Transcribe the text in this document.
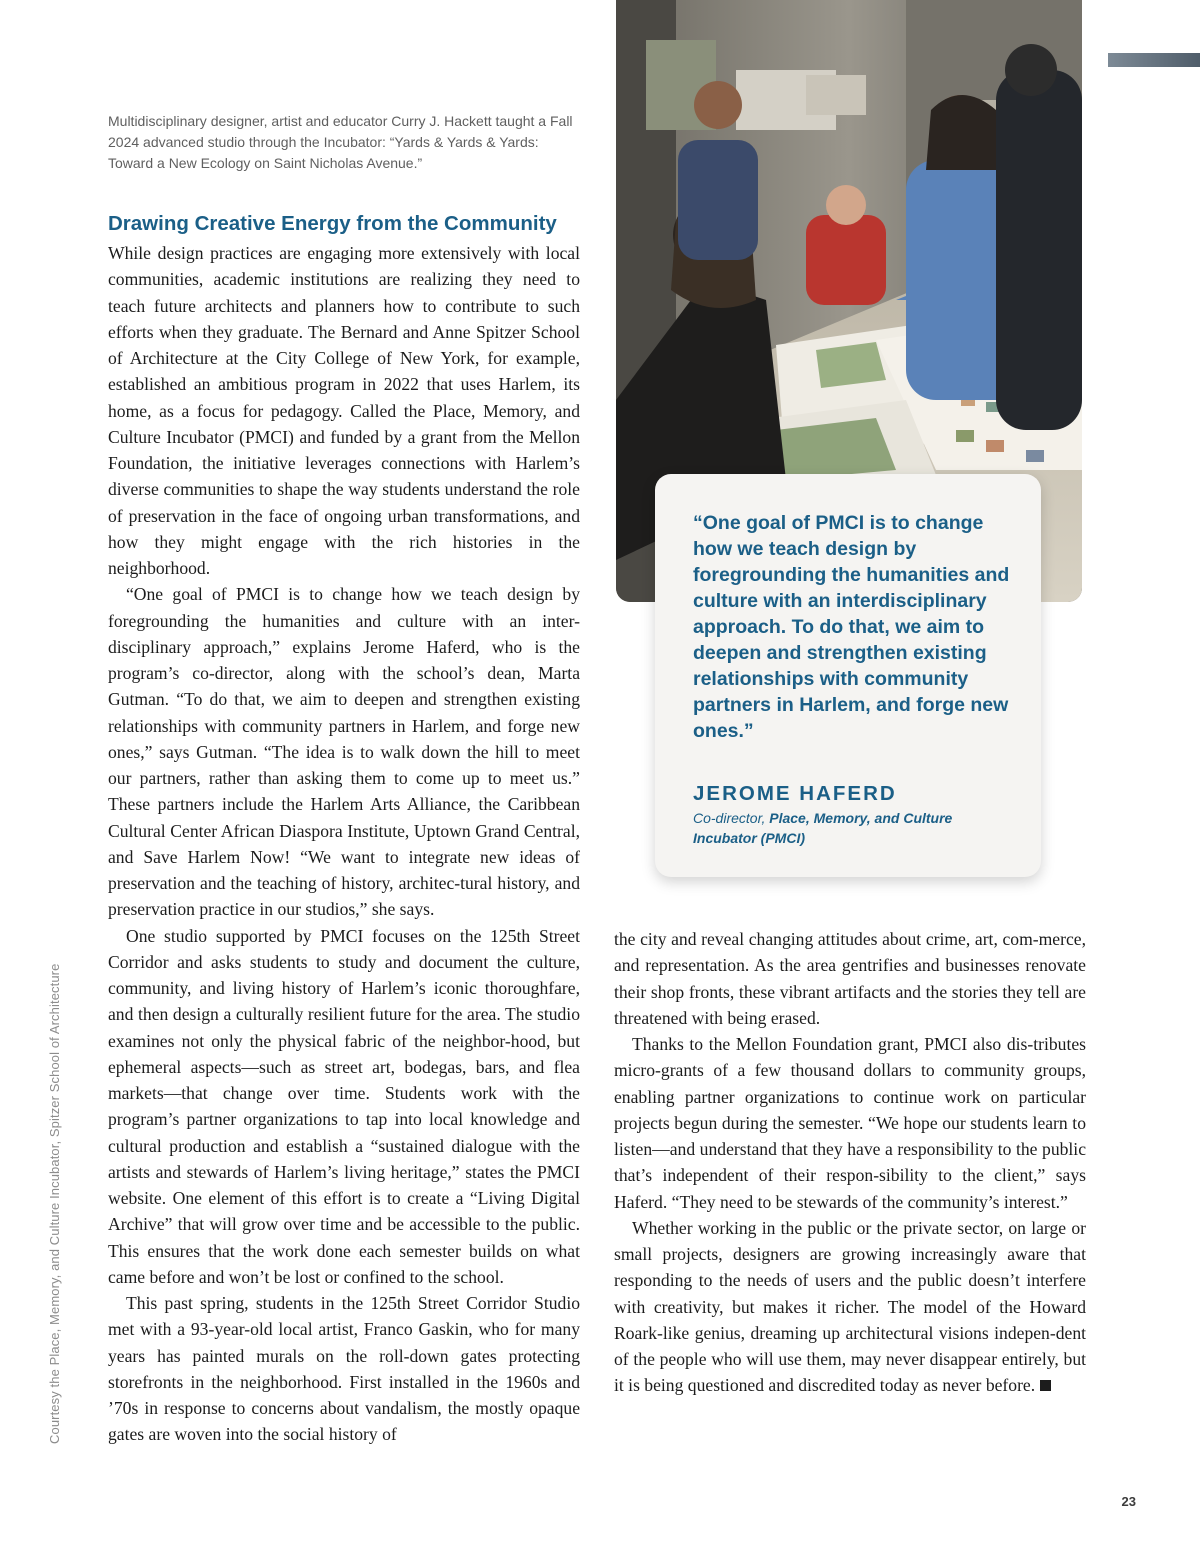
Multidisciplinary designer, artist and educator Curry J. Hackett taught a Fall 2024 advanced studio through the Incubator: “Yards & Yards & Yards: Toward a New Ecology on Saint Nicholas Avenue.”
Courtesy the Place, Memory, and Culture Incubator, Spitzer School of Architecture
“One goal of PMCI is to change how we teach design by foregrounding the humanities and culture with an interdisciplinary approach. To do that, we aim to deepen and strengthen existing relationships with community partners in Harlem, and forge new ones.”
JEROME HAFERD
Co-director, Place, Memory, and Culture Incubator (PMCI)
Drawing Creative Energy from the Community

While design practices are engaging more extensively with local communities, academic institutions are realizing they need to teach future architects and planners how to contribute to such efforts when they graduate. The Bernard and Anne Spitzer School of Architecture at the City College of New York, for example, established an ambitious program in 2022 that uses Harlem, its home, as a focus for pedagogy. Called the Place, Memory, and Culture Incubator (PMCI) and funded by a grant from the Mellon Foundation, the initiative leverages connections with Harlem’s diverse communities to shape the way students understand the role of preservation in the face of ongoing urban transformations, and how they might engage with the rich histories in the neighborhood.

“One goal of PMCI is to change how we teach design by foregrounding the humanities and culture with an inter-disciplinary approach,” explains Jerome Haferd, who is the program’s co-director, along with the school’s dean, Marta Gutman. “To do that, we aim to deepen and strengthen existing relationships with community partners in Harlem, and forge new ones,” says Gutman. “The idea is to walk down the hill to meet our partners, rather than asking them to come up to meet us.” These partners include the Harlem Arts Alliance, the Caribbean Cultural Center African Diaspora Institute, Uptown Grand Central, and Save Harlem Now! “We want to integrate new ideas of preservation and the teaching of history, architec-tural history, and preservation practice in our studios,” she says.

One studio supported by PMCI focuses on the 125th Street Corridor and asks students to study and document the culture, community, and living history of Harlem’s iconic thoroughfare, and then design a culturally resilient future for the area. The studio examines not only the physical fabric of the neighbor-hood, but ephemeral aspects—such as street art, bodegas, bars, and flea markets—that change over time. Students work with the program’s partner organizations to tap into local knowledge and cultural production and establish a “sustained dialogue with the artists and stewards of Harlem’s living heritage,” states the PMCI website. One element of this effort is to create a “Living Digital Archive” that will grow over time and be accessible to the public. This ensures that the work done each semester builds on what came before and won’t be lost or confined to the school.

This past spring, students in the 125th Street Corridor Studio met with a 93-year-old local artist, Franco Gaskin, who for many years has painted murals on the roll-down gates protecting storefronts in the neighborhood. First installed in the 1960s and ’70s in response to concerns about vandalism, the mostly opaque gates are woven into the social history of

the city and reveal changing attitudes about crime, art, com-merce, and representation. As the area gentrifies and businesses renovate their shop fronts, these vibrant artifacts and the stories they tell are threatened with being erased.

Thanks to the Mellon Foundation grant, PMCI also dis-tributes micro-grants of a few thousand dollars to community groups, enabling partner organizations to continue work on particular projects begun during the semester. “We hope our students learn to listen—and understand that they have a responsibility to the public that’s independent of their respon-sibility to the client,” says Haferd. “They need to be stewards of the community’s interest.”

Whether working in the public or the private sector, on large or small projects, designers are growing increasingly aware that responding to the needs of users and the public doesn’t interfere with creativity, but makes it richer. The model of the Howard Roark-like genius, dreaming up architectural visions indepen-dent of the people who will use them, may never disappear entirely, but it is being questioned and discredited today as never before.

23
